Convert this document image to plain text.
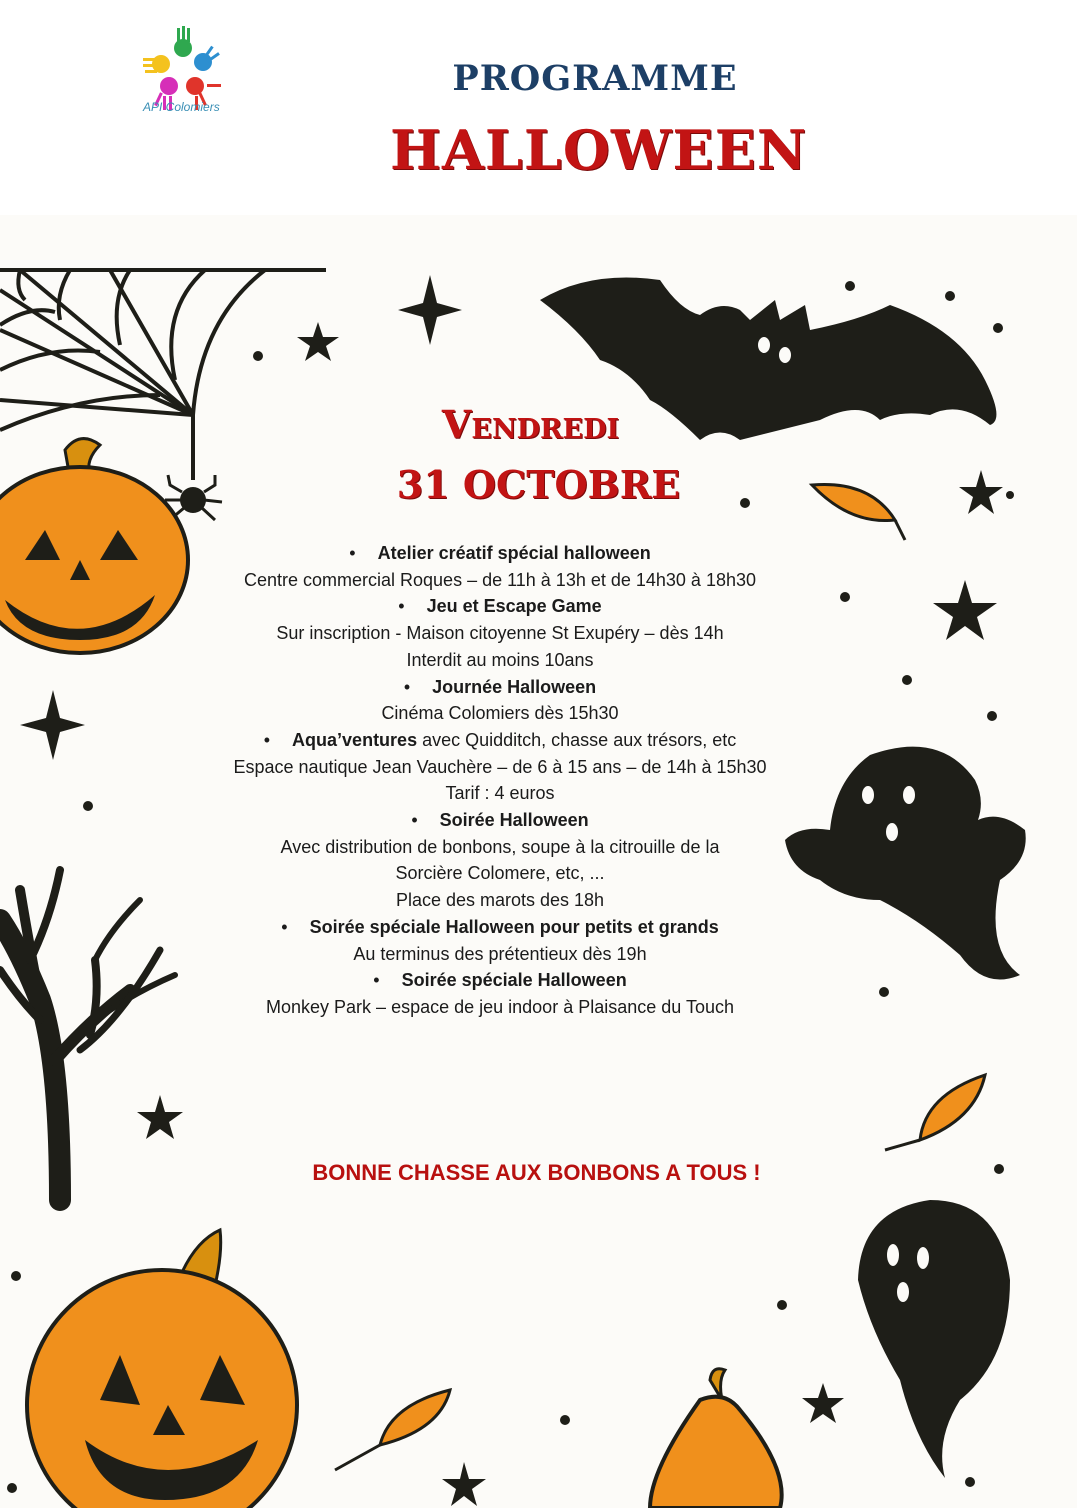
API Colomiers
PROGRAMME
HALLOWEEN
Vendredi
31 OCTOBRE
• Atelier créatif spécial halloween
Centre commercial Roques – de 11h à 13h et de 14h30 à 18h30
• Jeu et Escape Game
Sur inscription - Maison citoyenne St Exupéry – dès 14h
Interdit au moins 10ans
• Journée Halloween
Cinéma Colomiers dès 15h30
• Aqua’ventures avec Quidditch, chasse aux trésors, etc
Espace nautique Jean Vauchère – de 6 à 15 ans – de 14h à 15h30
Tarif : 4 euros
• Soirée Halloween
Avec distribution de bonbons, soupe à la citrouille de la
Sorcière Colomere, etc, ...
Place des marots des 18h
• Soirée spéciale Halloween pour petits et grands
Au terminus des prétentieux dès 19h
• Soirée spéciale Halloween
Monkey Park – espace de jeu indoor à Plaisance du Touch
BONNE CHASSE AUX BONBONS A TOUS !
